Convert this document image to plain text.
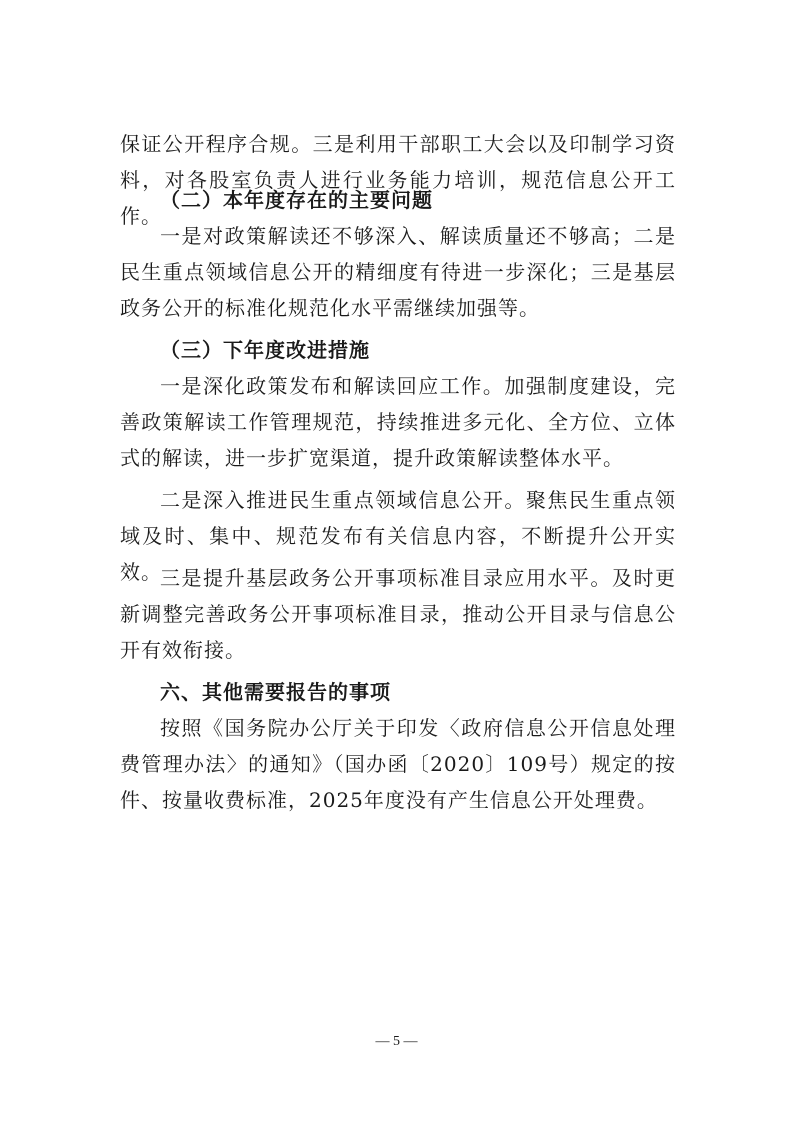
保证公开程序合规。三是利用干部职工大会以及印制学习资料，对各股室负责人进行业务能力培训，规范信息公开工作。

（二）本年度存在的主要问题

一是对政策解读还不够深入、解读质量还不够高；二是民生重点领域信息公开的精细度有待进一步深化；三是基层政务公开的标准化规范化水平需继续加强等。

（三）下年度改进措施

一是深化政策发布和解读回应工作。加强制度建设，完善政策解读工作管理规范，持续推进多元化、全方位、立体式的解读，进一步扩宽渠道，提升政策解读整体水平。

二是深入推进民生重点领域信息公开。聚焦民生重点领域及时、集中、规范发布有关信息内容，不断提升公开实效。

三是提升基层政务公开事项标准目录应用水平。及时更新调整完善政务公开事项标准目录，推动公开目录与信息公开有效衔接。

六、其他需要报告的事项

按照《国务院办公厅关于印发〈政府信息公开信息处理费管理办法〉的通知》（国办函〔2020〕109号）规定的按件、按量收费标准，2025年度没有产生信息公开处理费。

— 5 —
